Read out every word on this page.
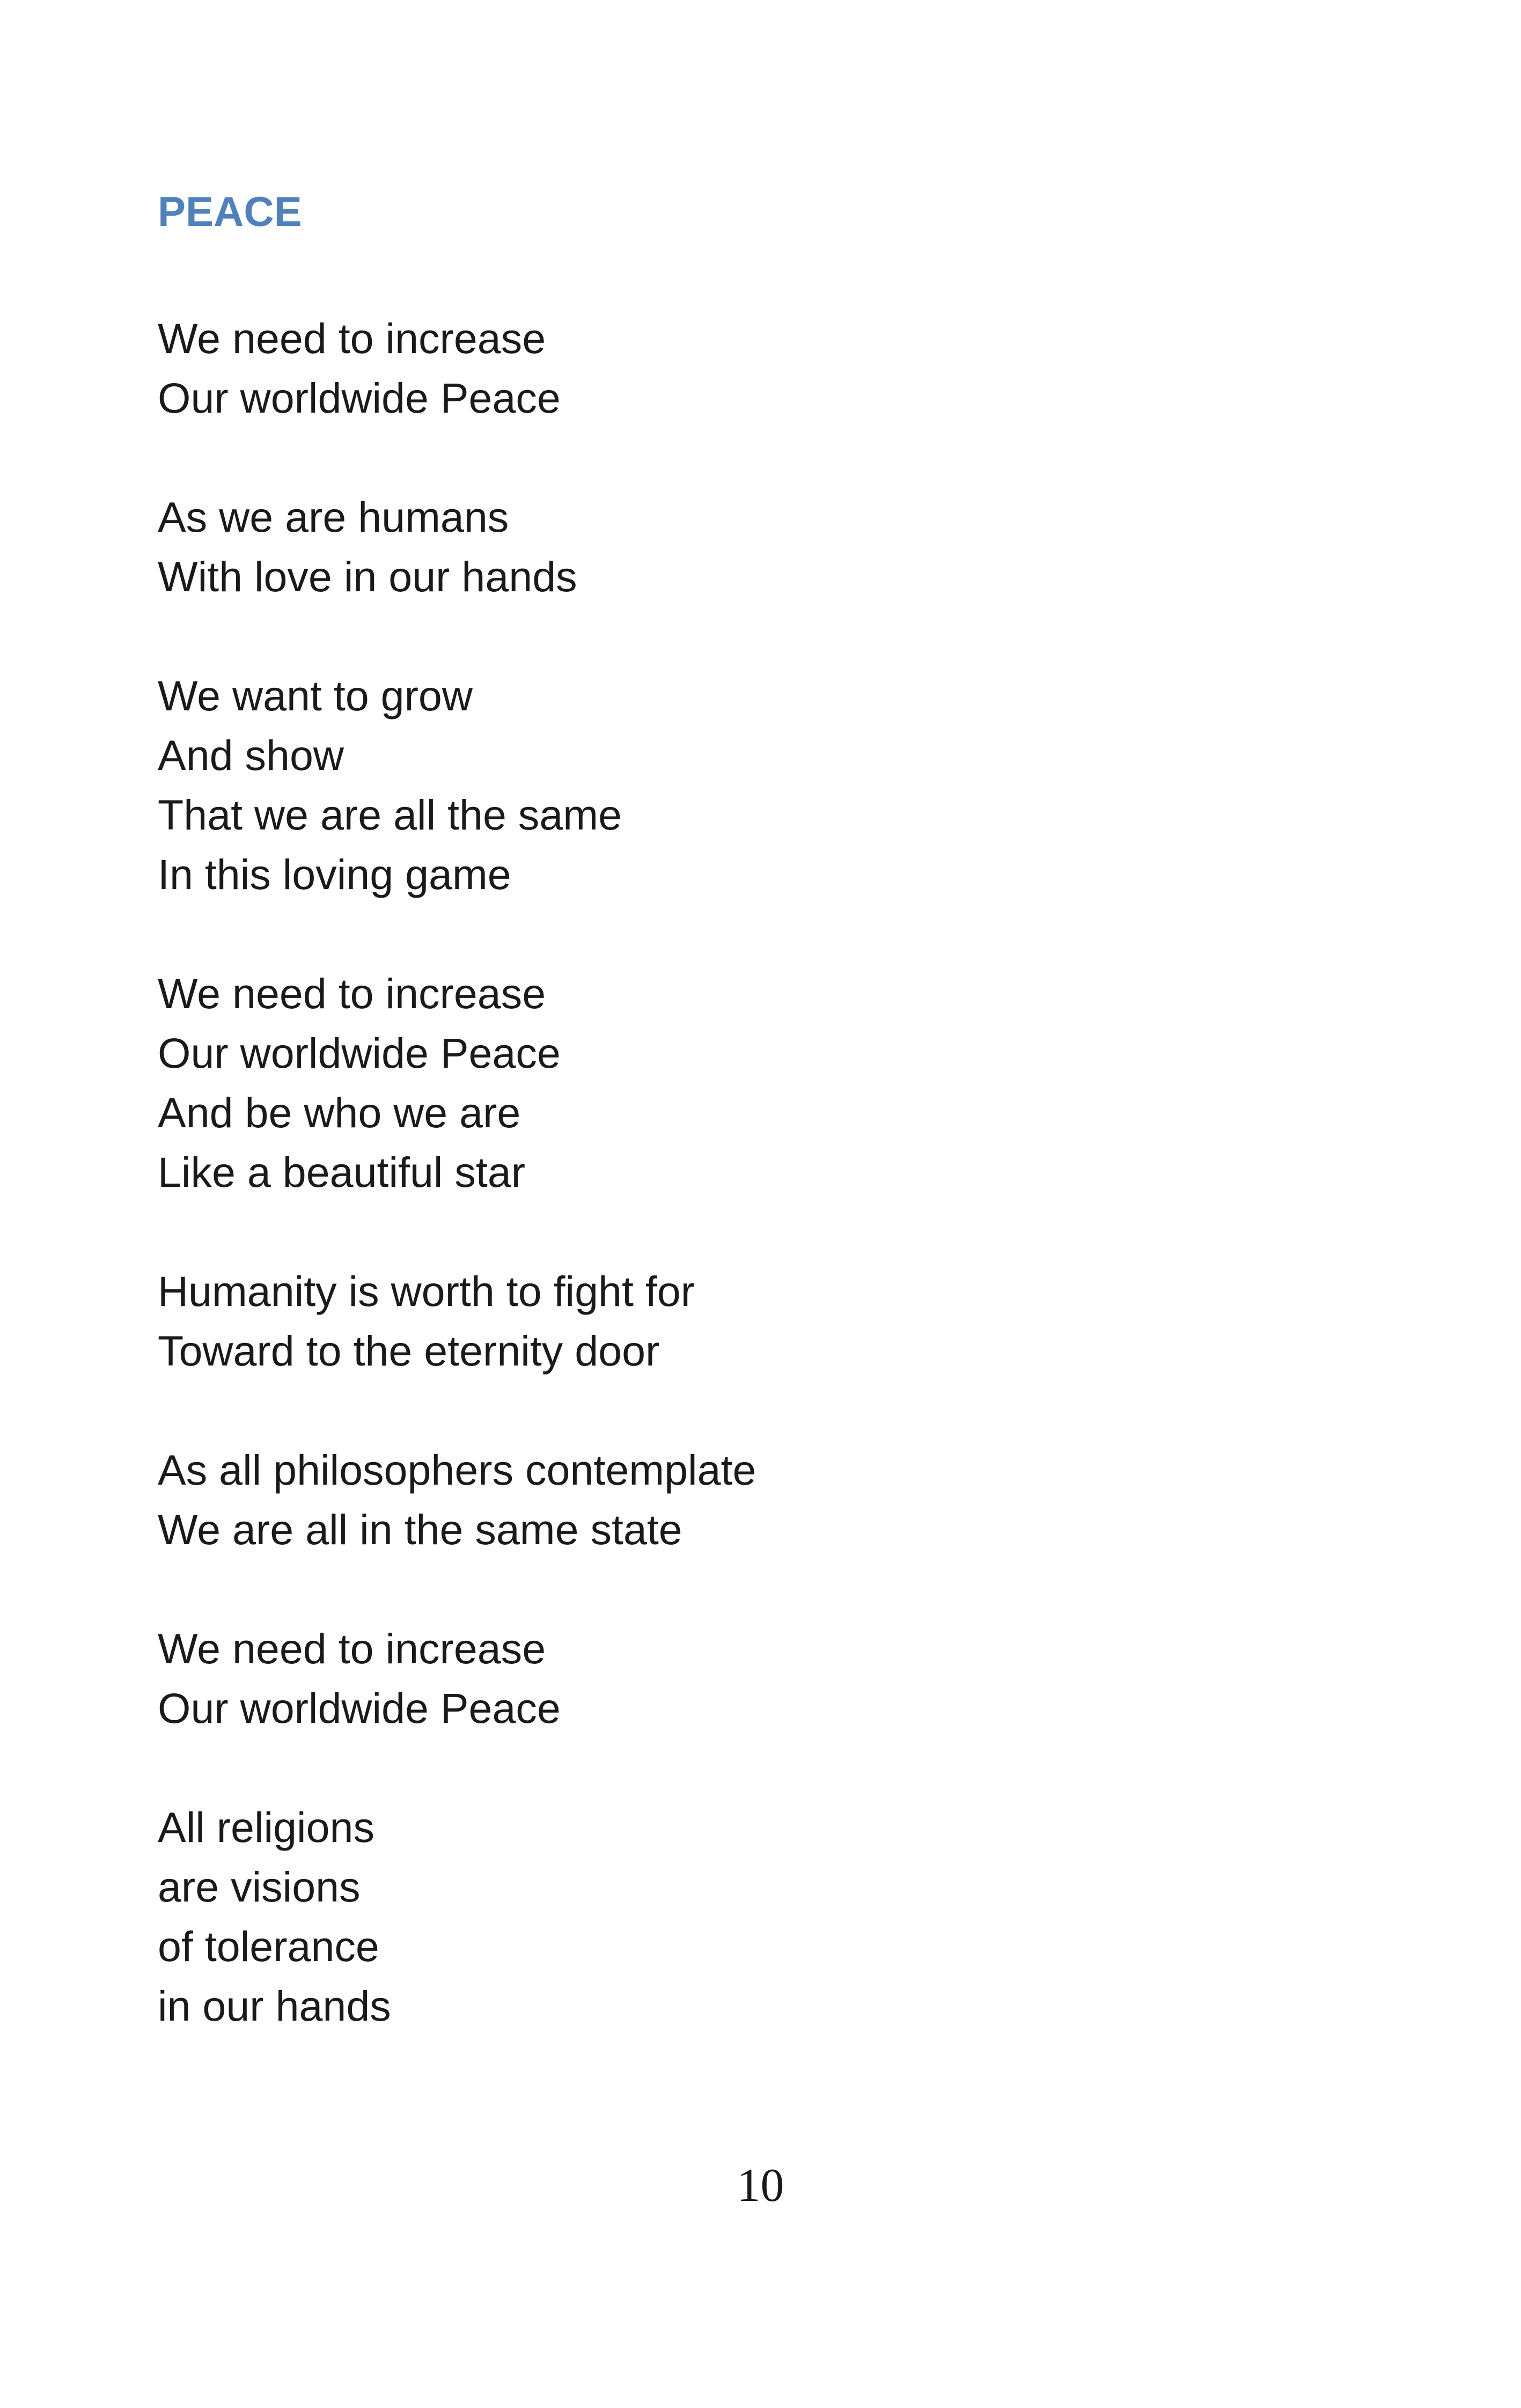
PEACE
We need to increase
Our worldwide Peace
As we are humans
With love in our hands
We want to grow
And show
That we are all the same
In this loving game
We need to increase
Our worldwide Peace
And be who we are
Like a beautiful star
Humanity is worth to fight for
Toward to the eternity door
As all philosophers contemplate
We are all in the same state
We need to increase
Our worldwide Peace
All religions
are visions
of tolerance
in our hands
10
